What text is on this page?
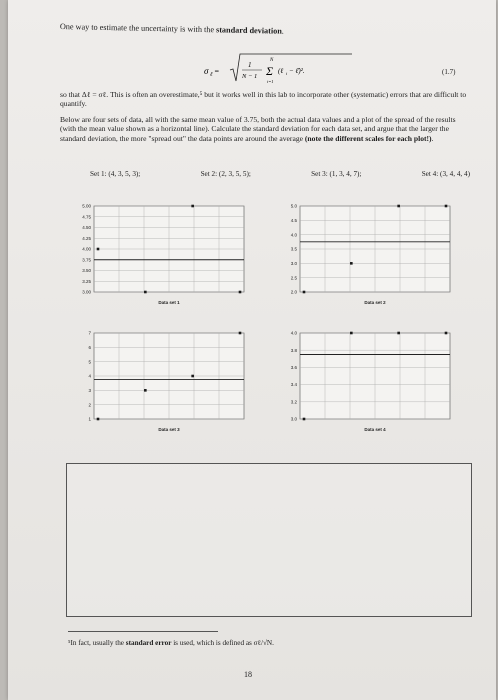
One way to estimate the uncertainty is with the standard deviation.
σ ℓ =
1
N − 1
N
Σ
i=1
(ℓ i − ℓ̄)².	(1.7)
so that Δℓ = σℓ. This is often an overestimate,⁵ but it works well in this lab to incorporate other (systematic) errors that are difficult to quantify.
Below are four sets of data, all with the same mean value of 3.75, both the actual data values and a plot of the spread of the results (with the mean value shown as a horizontal line). Calculate the standard deviation for each data set, and argue that the larger the standard deviation, the more "spread out" the data points are around the average (note the different scales for each plot!).
Set 1: (4, 3, 5, 3);	Set 2: (2, 3, 5, 5);	Set 3: (1, 3, 4, 7);	Set 4: (3, 4, 4, 4)
5.00
4.75
4.50
4.25
4.00
3.75
3.50
3.25
3.00
Data set 1
5.0
4.5
4.0
3.5
3.0
2.5
2.0
Data set 2
7
6
5
4
3
2
1
Data set 3
4.0
3.8
3.6
3.4
3.2
3.0
Data set 4
⁵In fact, usually the standard error is used, which is defined as σℓ/√N.
18
